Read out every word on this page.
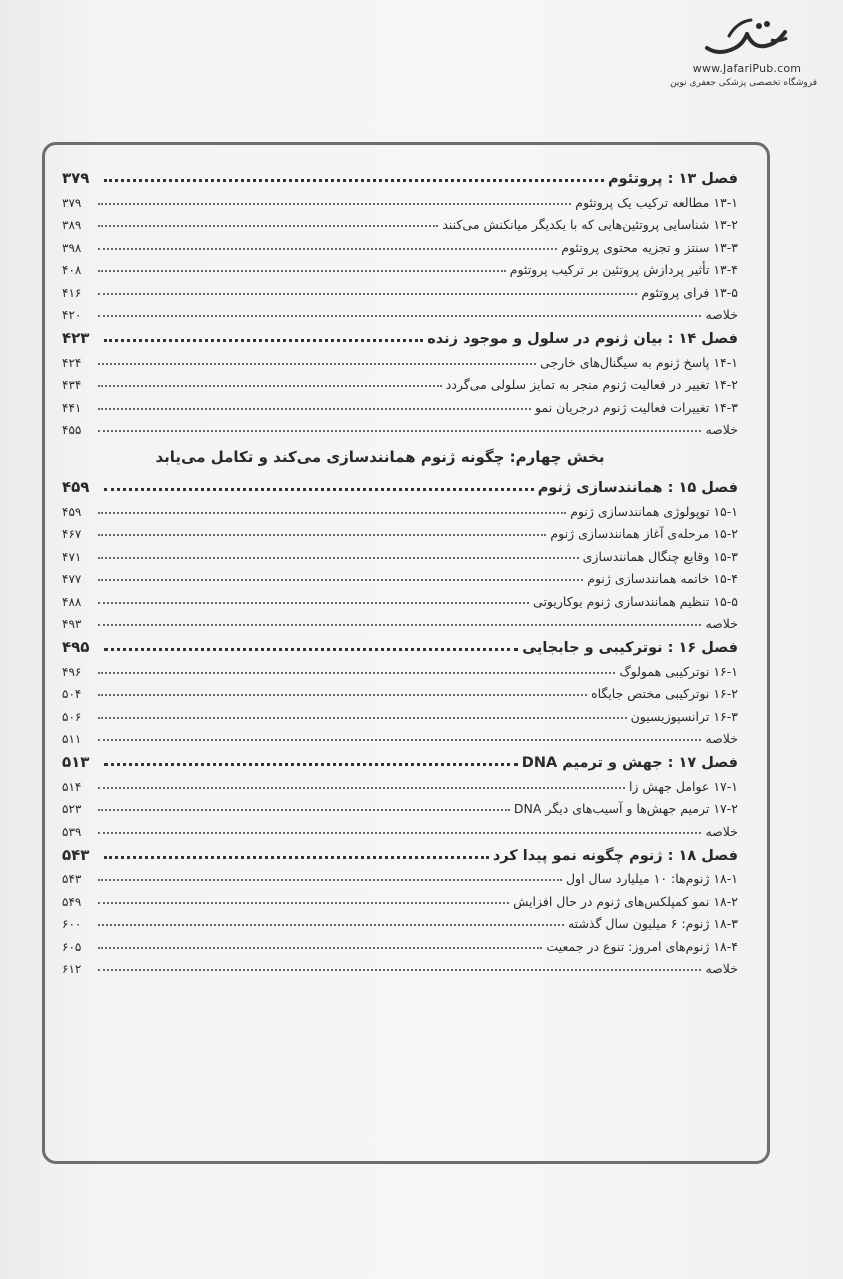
www.JafariPub.com
فروشگاه تخصصی پزشکی جعفری نوین
فصل ۱۳ : پروتئوم
۳۷۹
۱۳-۱ مطالعه ترکیب یک پروتئوم
۳۷۹
۱۳-۲ شناسایی پروتئین‌هایی که با یکدیگر میانکنش می‌کنند
۳۸۹
۱۳-۳ سنتز و تجزیه محتوی پروتئوم
۳۹۸
۱۳-۴ تأثیر پردازش پروتئین بر ترکیب پروتئوم
۴۰۸
۱۳-۵ فرای پروتئوم
۴۱۶
خلاصه
۴۲۰
فصل ۱۴ : بیان ژنوم در سلول و موجود زنده
۴۲۳
۱۴-۱ پاسخ ژنوم به سیگنال‌های خارجی
۴۲۴
۱۴-۲ تغییر در فعالیت ژنوم منجر به تمایز سلولی می‌گردد
۴۳۴
۱۴-۳ تغییرات فعالیت ژنوم درجریان نمو
۴۴۱
خلاصه
۴۵۵
بخش چهارم: چگونه ژنوم همانندسازی می‌کند و تکامل می‌یابد
فصل ۱۵ : همانندسازی ژنوم
۴۵۹
۱۵-۱ توپولوژی همانندسازی ژنوم
۴۵۹
۱۵-۲ مرحله‌ی آغاز همانندسازی ژنوم
۴۶۷
۱۵-۳ وقایع چنگال همانندسازی
۴۷۱
۱۵-۴ خاتمه همانندسازی ژنوم
۴۷۷
۱۵-۵ تنظیم همانندسازی ژنوم یوکاریوتی
۴۸۸
خلاصه
۴۹۳
فصل ۱۶ : نوترکیبی و جابجایی
۴۹۵
۱۶-۱ نوترکیبی همولوگ
۴۹۶
۱۶-۲ نوترکیبی مختص جایگاه
۵۰۴
۱۶-۳ ترانسپوزیسیون
۵۰۶
خلاصه
۵۱۱
فصل ۱۷ : جهش و ترمیم DNA
۵۱۳
۱۷-۱ عوامل جهش زا
۵۱۴
۱۷-۲ ترمیم جهش‌ها و آسیب‌های دیگر DNA
۵۲۳
خلاصه
۵۳۹
فصل ۱۸ : ژنوم چگونه نمو پیدا کرد
۵۴۳
۱۸-۱ ژنوم‌ها: ۱۰ میلیارد سال اول
۵۴۳
۱۸-۲ نمو کمپلکس‌های ژنوم در حال افزایش
۵۴۹
۱۸-۳ ژنوم: ۶ میلیون سال گذشته
۶۰۰
۱۸-۴ ژنوم‌های امروز: تنوع در جمعیت
۶۰۵
خلاصه
۶۱۲
